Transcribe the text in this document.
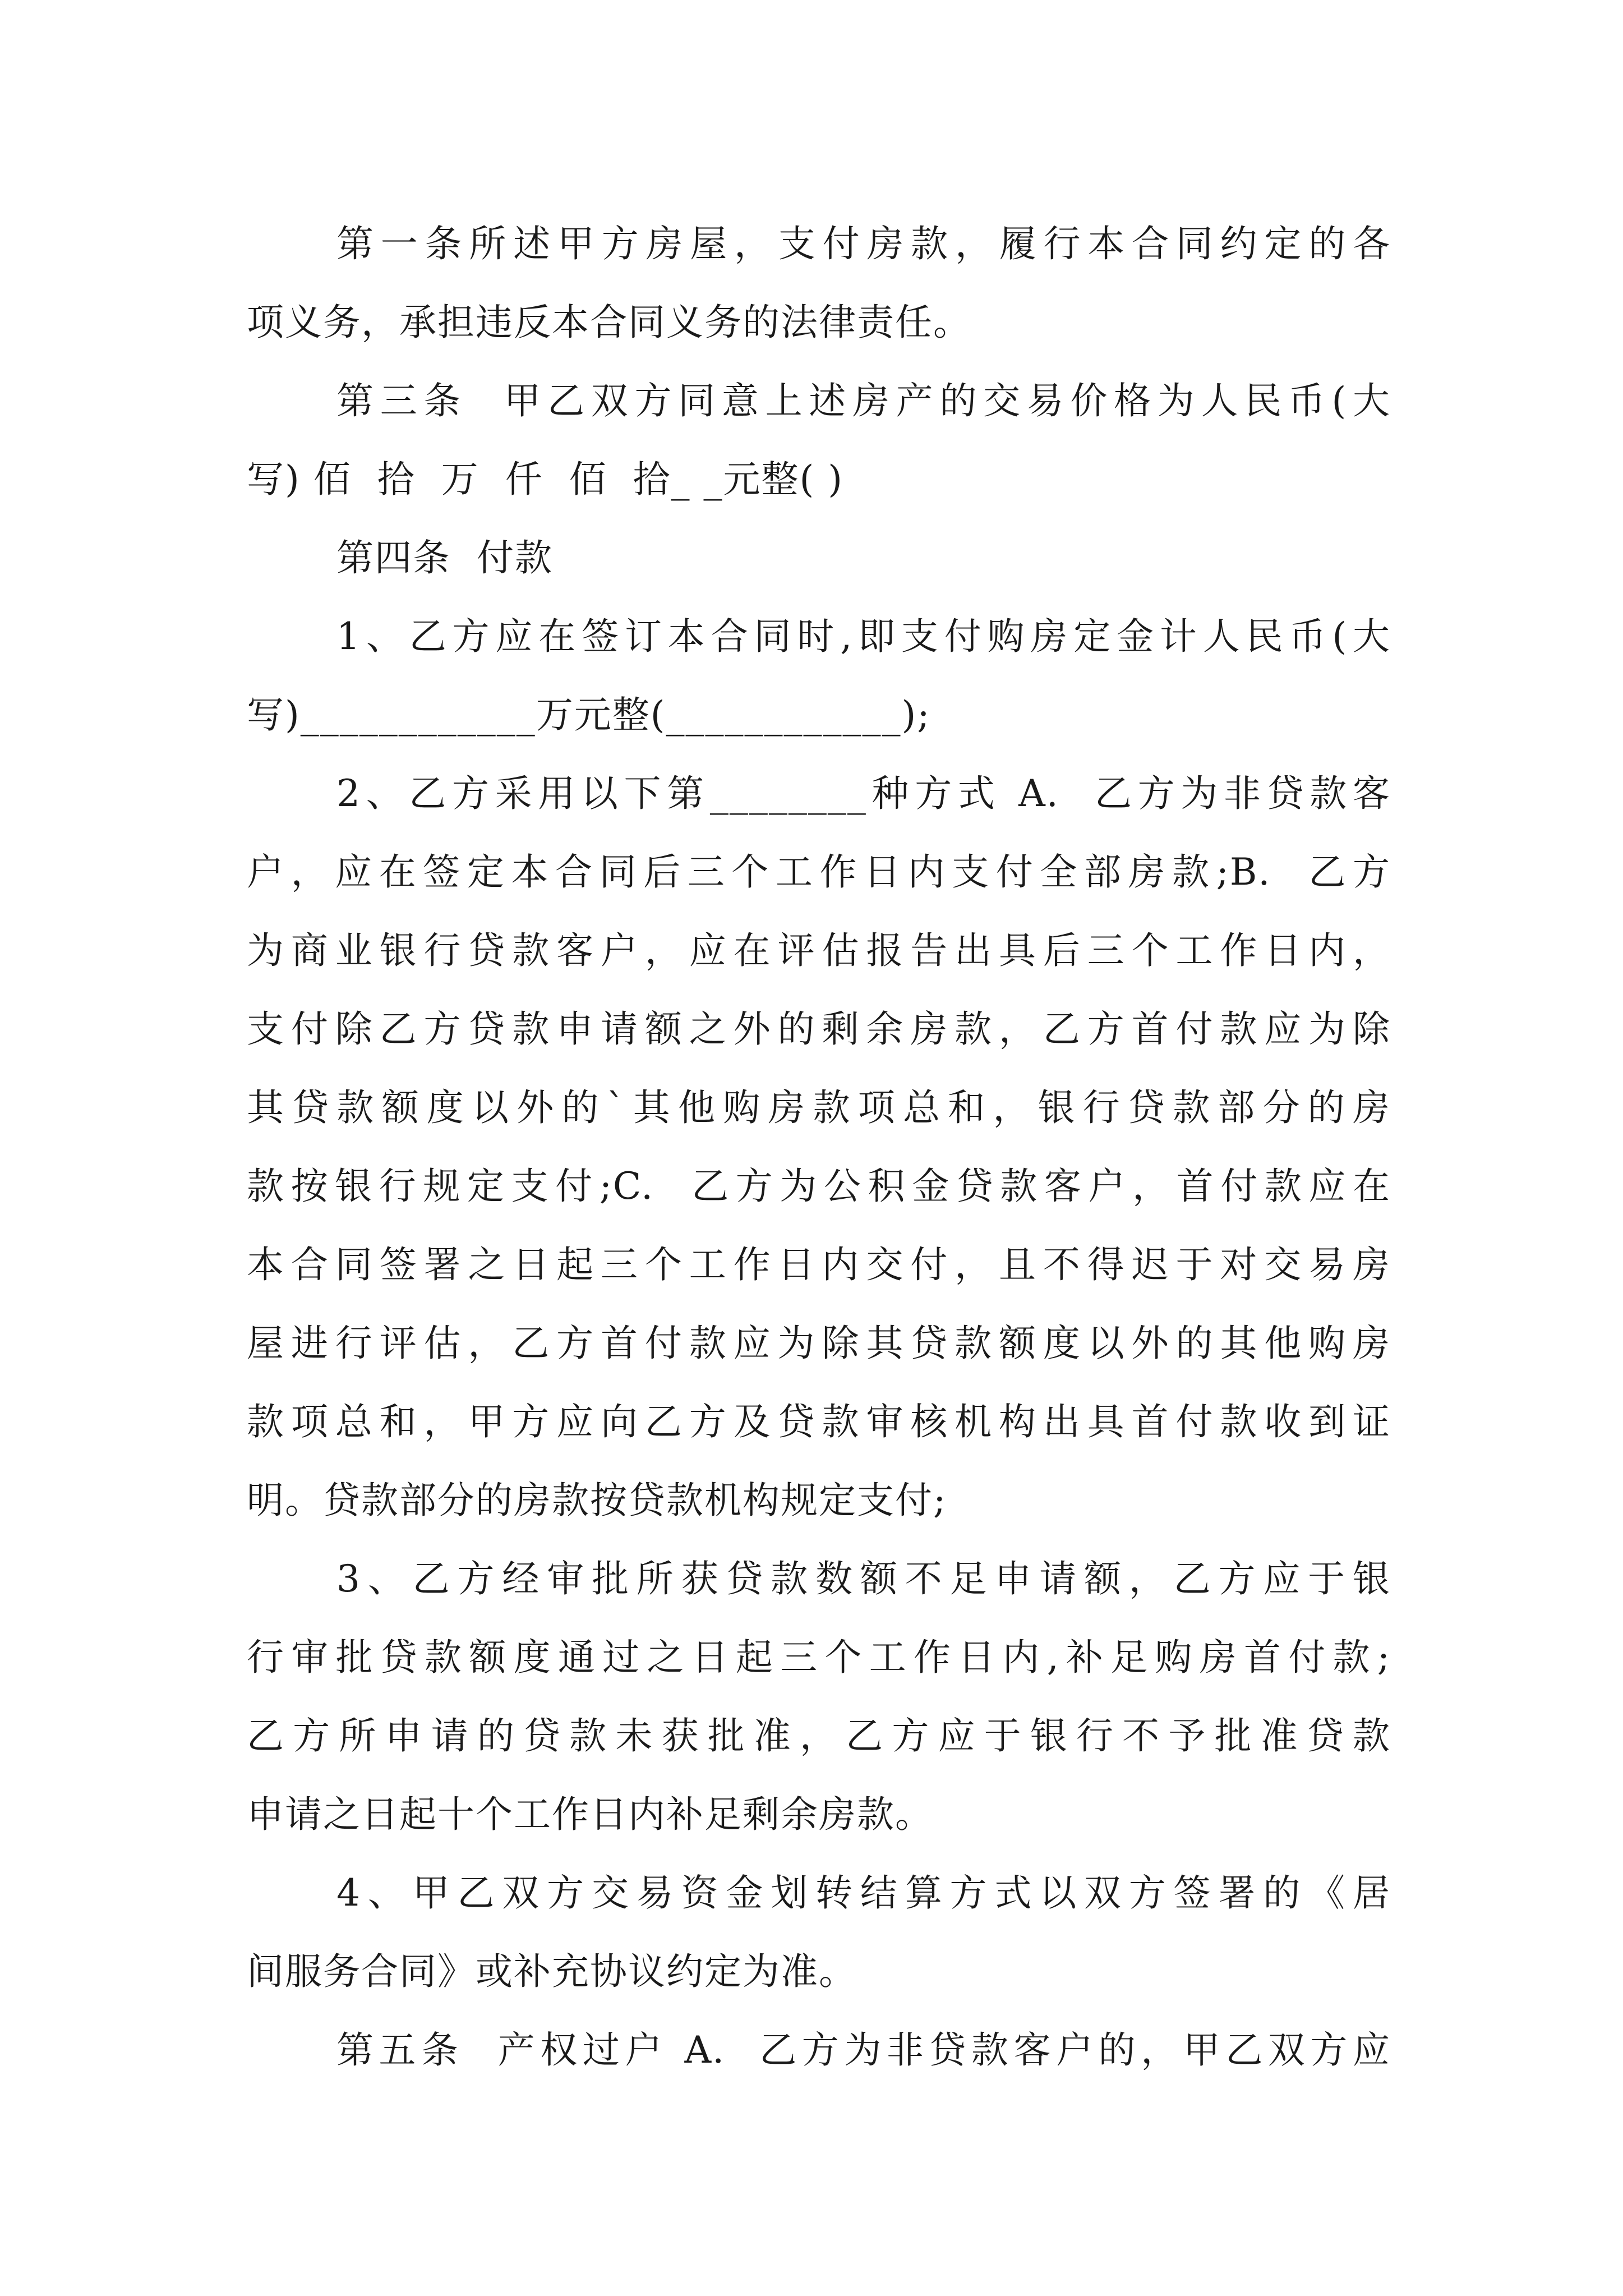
第一条所述甲方房屋，支付房款，履行本合同约定的各
项义务，承担违反本合同义务的法律责任。
第三条  甲乙双方同意上述房产的交易价格为人民币(大
写) 佰  拾  万  仟  佰  拾_ _元整( )
第四条  付款
1、乙方应在签订本合同时,即支付购房定金计人民币(大
写)____________万元整(____________);
2、乙方采用以下第________种方式 A.  乙方为非贷款客
户，应在签定本合同后三个工作日内支付全部房款;B.  乙方
为商业银行贷款客户，应在评估报告出具后三个工作日内，
支付除乙方贷款申请额之外的剩余房款，乙方首付款应为除
其贷款额度以外的`其他购房款项总和，银行贷款部分的房
款按银行规定支付;C.  乙方为公积金贷款客户，首付款应在
本合同签署之日起三个工作日内交付，且不得迟于对交易房
屋进行评估，乙方首付款应为除其贷款额度以外的其他购房
款项总和，甲方应向乙方及贷款审核机构出具首付款收到证
明。贷款部分的房款按贷款机构规定支付;
3、乙方经审批所获贷款数额不足申请额，乙方应于银
行审批贷款额度通过之日起三个工作日内,补足购房首付款;
乙方所申请的贷款未获批准，乙方应于银行不予批准贷款
申请之日起十个工作日内补足剩余房款。
4、甲乙双方交易资金划转结算方式以双方签署的《居
间服务合同》或补充协议约定为准。
第五条  产权过户 A.  乙方为非贷款客户的，甲乙双方应
